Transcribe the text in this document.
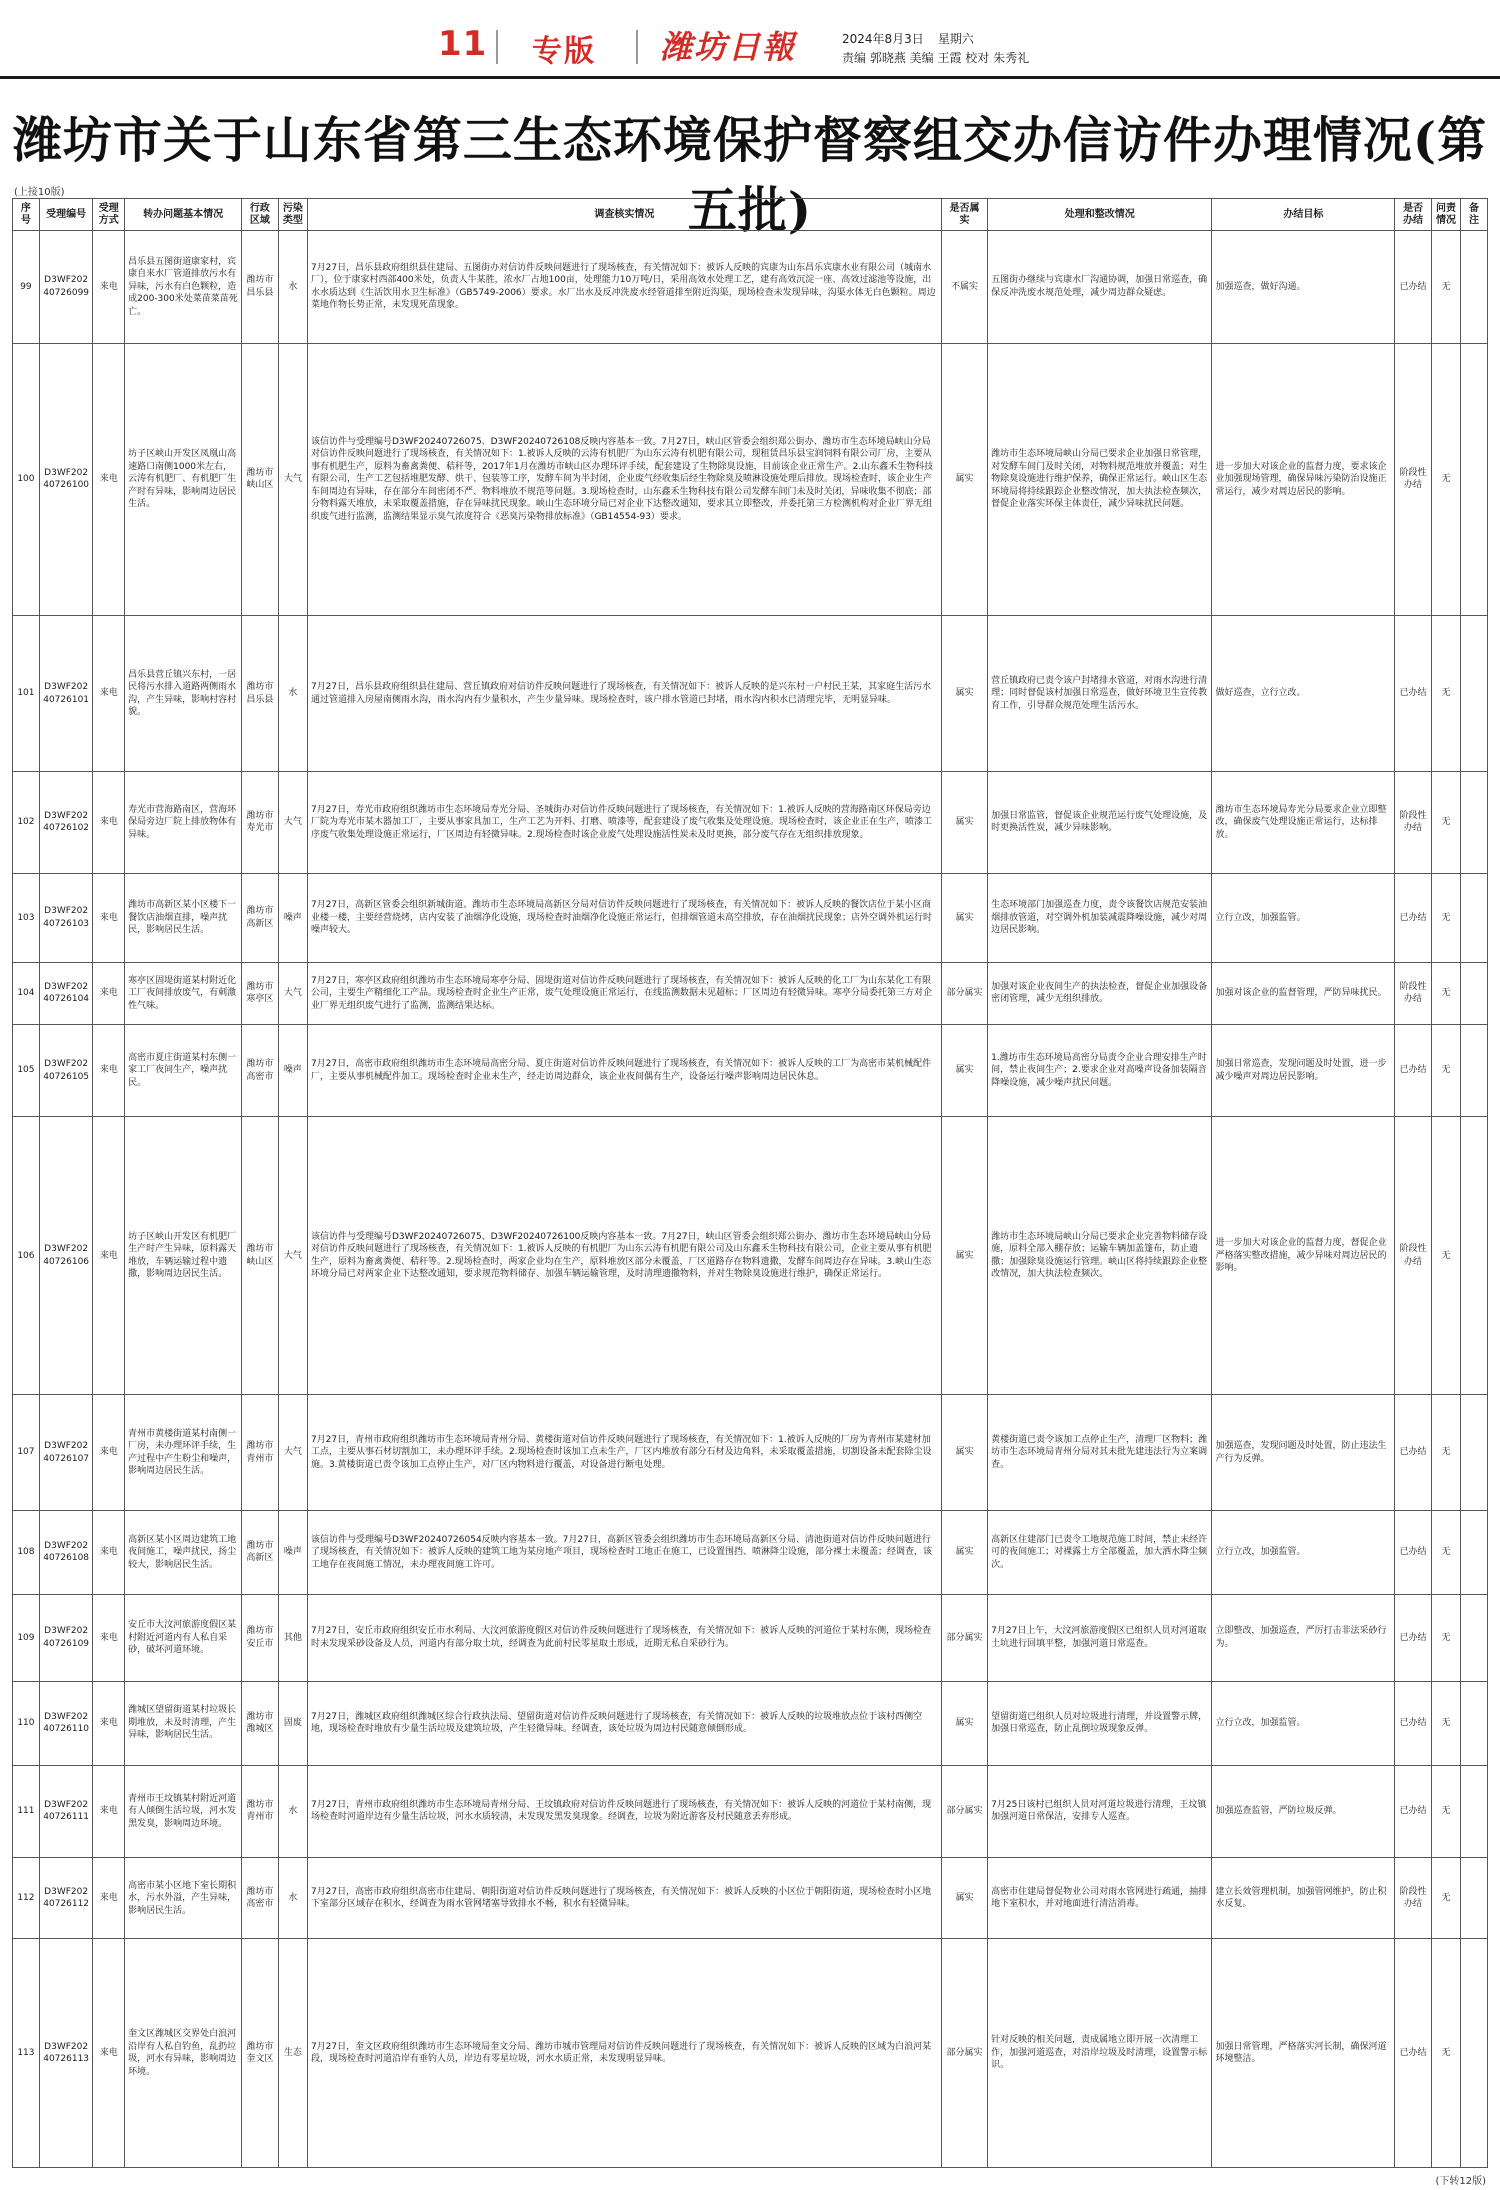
11 专版 潍坊日報	2024年8月3日 星期六
责编 郭晓燕 美编 王霞 校对 朱秀礼
潍坊市关于山东省第三生态环境保护督察组交办信访件办理情况(第五批)
(上接10版)
序号	受理编号	受理方式	转办问题基本情况	行政区域	污染类型	调查核实情况	是否属实	处理和整改情况	办结目标	是否办结	问责情况	备注
99	D3WF20240726099	来电	昌乐县五图街道康家村，宾康自来水厂管道排放污水有异味，污水有白色颗粒，造成200-300米处菜苗菜苗死亡。	潍坊市昌乐县	水	7月27日，昌乐县政府组织县住建局、五图街办对信访件反映问题进行了现场核查，有关情况如下：被诉人反映的宾康为山东昌乐宾康水业有限公司（城南水厂），位于康家村西部400米处，负责人牛某胜，浓水厂占地100亩，处理能力10万吨/日，采用高效水处理工艺，建有高效沉淀一座、高效过滤池等设施，出水水质达到《生活饮用水卫生标准》（GB5749-2006）要求。水厂出水及反冲洗废水经管道排至附近沟渠，现场检查未发现异味，沟渠水体无白色颗粒。周边菜地作物长势正常，未发现死苗现象。	不属实	五图街办继续与宾康水厂沟通协调，加强日常巡查，确保反冲洗废水规范处理，减少周边群众疑虑。	加强巡查，做好沟通。	已办结	无	
100	D3WF20240726100	来电	坊子区峡山开发区凤凰山高速路口南侧1000米左右，云涛有机肥厂、有机肥厂生产时有异味，影响周边居民生活。	潍坊市峡山区	大气	该信访件与受理编号D3WF20240726075、D3WF20240726108反映内容基本一致。7月27日，峡山区管委会组织郑公街办、潍坊市生态环境局峡山分局对信访件反映问题进行了现场核查，有关情况如下：1.被诉人反映的云涛有机肥厂为山东云涛有机肥有限公司，现租赁昌乐县宝润饲料有限公司厂房，主要从事有机肥生产，原料为畜禽粪便、秸秆等，2017年1月在潍坊市峡山区办理环评手续，配套建设了生物除臭设施，目前该企业正常生产。2.山东鑫禾生物科技有限公司，生产工艺包括堆肥发酵、烘干、包装等工序，发酵车间为半封闭，企业废气经收集后经生物除臭及喷淋设施处理后排放。现场检查时，该企业生产车间周边有异味，存在部分车间密闭不严、物料堆放不规范等问题。3.现场检查时，山东鑫禾生物科技有限公司发酵车间门未及时关闭，异味收集不彻底；部分物料露天堆放，未采取覆盖措施，存在异味扰民现象。峡山生态环境分局已对企业下达整改通知，要求其立即整改，并委托第三方检测机构对企业厂界无组织废气进行监测，监测结果显示臭气浓度符合《恶臭污染物排放标准》（GB14554-93）要求。	属实	潍坊市生态环境局峡山分局已要求企业加强日常管理，对发酵车间门及时关闭，对物料规范堆放并覆盖；对生物除臭设施进行维护保养，确保正常运行。峡山区生态环境局将持续跟踪企业整改情况，加大执法检查频次，督促企业落实环保主体责任，减少异味扰民问题。	进一步加大对该企业的监督力度，要求该企业加强现场管理，确保异味污染防治设施正常运行，减少对周边居民的影响。	阶段性办结	无	
101	D3WF20240726101	来电	昌乐县营丘镇兴东村，一居民将污水排入道路两侧雨水沟，产生异味，影响村容村貌。	潍坊市昌乐县	水	7月27日，昌乐县政府组织县住建局、营丘镇政府对信访件反映问题进行了现场核查，有关情况如下：被诉人反映的是兴东村一户村民王某，其家庭生活污水通过管道排入房屋南侧雨水沟，雨水沟内有少量积水，产生少量异味。现场检查时，该户排水管道已封堵，雨水沟内积水已清理完毕，无明显异味。	属实	营丘镇政府已责令该户封堵排水管道，对雨水沟进行清理；同时督促该村加强日常巡查，做好环境卫生宣传教育工作，引导群众规范处理生活污水。	做好巡查，立行立改。	已办结	无	
102	D3WF20240726102	来电	寿光市营海路南区，营海环保局旁边厂院上排放物体有异味。	潍坊市寿光市	大气	7月27日，寿光市政府组织潍坊市生态环境局寿光分局、圣城街办对信访件反映问题进行了现场核查，有关情况如下：1.被诉人反映的营海路南区环保局旁边厂院为寿光市某木器加工厂，主要从事家具加工，生产工艺为开料、打磨、喷漆等，配套建设了废气收集及处理设施。现场检查时，该企业正在生产，喷漆工序废气收集处理设施正常运行，厂区周边有轻微异味。2.现场检查时该企业废气处理设施活性炭未及时更换，部分废气存在无组织排放现象。	属实	加强日常监管，督促该企业规范运行废气处理设施，及时更换活性炭，减少异味影响。	潍坊市生态环境局寿光分局要求企业立即整改，确保废气处理设施正常运行，达标排放。	阶段性办结	无	
103	D3WF20240726103	来电	潍坊市高新区某小区楼下一餐饮店油烟直排，噪声扰民，影响居民生活。	潍坊市高新区	噪声	7月27日，高新区管委会组织新城街道、潍坊市生态环境局高新区分局对信访件反映问题进行了现场核查，有关情况如下：被诉人反映的餐饮店位于某小区商业楼一楼，主要经营烧烤，店内安装了油烟净化设施，现场检查时油烟净化设施正常运行，但排烟管道未高空排放，存在油烟扰民现象；店外空调外机运行时噪声较大。	属实	生态环境部门加强巡查力度，责令该餐饮店规范安装油烟排放管道，对空调外机加装减震降噪设施，减少对周边居民影响。	立行立改，加强监管。	已办结	无	
104	D3WF20240726104	来电	寒亭区固堤街道某村附近化工厂夜间排放废气，有刺激性气味。	潍坊市寒亭区	大气	7月27日，寒亭区政府组织潍坊市生态环境局寒亭分局、固堤街道对信访件反映问题进行了现场核查，有关情况如下：被诉人反映的化工厂为山东某化工有限公司，主要生产精细化工产品。现场检查时企业生产正常，废气处理设施正常运行，在线监测数据未见超标；厂区周边有轻微异味。寒亭分局委托第三方对企业厂界无组织废气进行了监测，监测结果达标。	部分属实	加强对该企业夜间生产的执法检查，督促企业加强设备密闭管理，减少无组织排放。	加强对该企业的监督管理，严防异味扰民。	阶段性办结	无	
105	D3WF20240726105	来电	高密市夏庄街道某村东侧一家工厂夜间生产，噪声扰民。	潍坊市高密市	噪声	7月27日，高密市政府组织潍坊市生态环境局高密分局、夏庄街道对信访件反映问题进行了现场核查，有关情况如下：被诉人反映的工厂为高密市某机械配件厂，主要从事机械配件加工。现场检查时企业未生产，经走访周边群众，该企业夜间偶有生产，设备运行噪声影响周边居民休息。	属实	1.潍坊市生态环境局高密分局责令企业合理安排生产时间，禁止夜间生产；2.要求企业对高噪声设备加装隔音降噪设施，减少噪声扰民问题。	加强日常巡查，发现问题及时处置，进一步减少噪声对周边居民影响。	已办结	无	
106	D3WF20240726106	来电	坊子区峡山开发区有机肥厂生产时产生异味，原料露天堆放，车辆运输过程中遗撒，影响周边居民生活。	潍坊市峡山区	大气	该信访件与受理编号D3WF20240726075、D3WF20240726100反映内容基本一致。7月27日，峡山区管委会组织郑公街办、潍坊市生态环境局峡山分局对信访件反映问题进行了现场核查，有关情况如下：1.被诉人反映的有机肥厂为山东云涛有机肥有限公司及山东鑫禾生物科技有限公司，企业主要从事有机肥生产，原料为畜禽粪便、秸秆等。2.现场检查时，两家企业均在生产，原料堆放区部分未覆盖，厂区道路存在物料遗撒，发酵车间周边存在异味。3.峡山生态环境分局已对两家企业下达整改通知，要求规范物料储存、加强车辆运输管理，及时清理遗撒物料，并对生物除臭设施进行维护，确保正常运行。	属实	潍坊市生态环境局峡山分局已要求企业完善物料储存设施，原料全部入棚存放；运输车辆加盖篷布，防止遗撒；加强除臭设施运行管理。峡山区将持续跟踪企业整改情况，加大执法检查频次。	进一步加大对该企业的监督力度，督促企业严格落实整改措施，减少异味对周边居民的影响。	阶段性办结	无	
107	D3WF20240726107	来电	青州市黄楼街道某村南侧一厂房，未办理环评手续，生产过程中产生粉尘和噪声，影响周边居民生活。	潍坊市青州市	大气	7月27日，青州市政府组织潍坊市生态环境局青州分局、黄楼街道对信访件反映问题进行了现场核查，有关情况如下：1.被诉人反映的厂房为青州市某建材加工点，主要从事石材切割加工，未办理环评手续。2.现场检查时该加工点未生产，厂区内堆放有部分石材及边角料，未采取覆盖措施，切割设备未配套除尘设施。3.黄楼街道已责令该加工点停止生产，对厂区内物料进行覆盖，对设备进行断电处理。	属实	黄楼街道已责令该加工点停止生产，清理厂区物料；潍坊市生态环境局青州分局对其未批先建违法行为立案调查。	加强巡查，发现问题及时处置，防止违法生产行为反弹。	已办结	无	
108	D3WF20240726108	来电	高新区某小区周边建筑工地夜间施工，噪声扰民，扬尘较大，影响居民生活。	潍坊市高新区	噪声	该信访件与受理编号D3WF20240726054反映内容基本一致。7月27日，高新区管委会组织潍坊市生态环境局高新区分局、清池街道对信访件反映问题进行了现场核查，有关情况如下：被诉人反映的建筑工地为某房地产项目，现场检查时工地正在施工，已设置围挡、喷淋降尘设施，部分裸土未覆盖；经调查，该工地存在夜间施工情况，未办理夜间施工许可。	属实	高新区住建部门已责令工地规范施工时间，禁止未经许可的夜间施工；对裸露土方全部覆盖，加大洒水降尘频次。	立行立改，加强监管。	已办结	无	
109	D3WF20240726109	来电	安丘市大汶河旅游度假区某村附近河道内有人私自采砂，破坏河道环境。	潍坊市安丘市	其他	7月27日，安丘市政府组织安丘市水利局、大汶河旅游度假区对信访件反映问题进行了现场核查，有关情况如下：被诉人反映的河道位于某村东侧，现场检查时未发现采砂设备及人员，河道内有部分取土坑，经调查为此前村民零星取土形成，近期无私自采砂行为。	部分属实	7月27日上午，大汶河旅游度假区已组织人员对河道取土坑进行回填平整，加强河道日常巡查。	立即整改，加强巡查，严厉打击非法采砂行为。	已办结	无	
110	D3WF20240726110	来电	潍城区望留街道某村垃圾长期堆放，未及时清理，产生异味，影响居民生活。	潍坊市潍城区	固废	7月27日，潍城区政府组织潍城区综合行政执法局、望留街道对信访件反映问题进行了现场核查，有关情况如下：被诉人反映的垃圾堆放点位于该村西侧空地，现场检查时堆放有少量生活垃圾及建筑垃圾，产生轻微异味。经调查，该处垃圾为周边村民随意倾倒形成。	属实	望留街道已组织人员对垃圾进行清理，并设置警示牌，加强日常巡查，防止乱倒垃圾现象反弹。	立行立改，加强监管。	已办结	无	
111	D3WF20240726111	来电	青州市王坟镇某村附近河道有人倾倒生活垃圾，河水发黑发臭，影响周边环境。	潍坊市青州市	水	7月27日，青州市政府组织潍坊市生态环境局青州分局、王坟镇政府对信访件反映问题进行了现场核查，有关情况如下：被诉人反映的河道位于某村南侧，现场检查时河道岸边有少量生活垃圾，河水水质较清，未发现发黑发臭现象。经调查，垃圾为附近游客及村民随意丢弃形成。	部分属实	7月25日该村已组织人员对河道垃圾进行清理，王坟镇加强河道日常保洁，安排专人巡查。	加强巡查监管，严防垃圾反弹。	已办结	无	
112	D3WF20240726112	来电	高密市某小区地下室长期积水，污水外溢，产生异味，影响居民生活。	潍坊市高密市	水	7月27日，高密市政府组织高密市住建局、朝阳街道对信访件反映问题进行了现场核查，有关情况如下：被诉人反映的小区位于朝阳街道，现场检查时小区地下室部分区域存在积水，经调查为雨水管网堵塞导致排水不畅，积水有轻微异味。	属实	高密市住建局督促物业公司对雨水管网进行疏通，抽排地下室积水，并对地面进行清洁消毒。	建立长效管理机制，加强管网维护，防止积水反复。	阶段性办结	无	
113	D3WF20240726113	来电	奎文区潍城区交界处白浪河沿岸有人私自钓鱼，乱扔垃圾，河水有异味，影响周边环境。	潍坊市奎文区	生态	7月27日，奎文区政府组织潍坊市生态环境局奎文分局、潍坊市城市管理局对信访件反映问题进行了现场核查，有关情况如下：被诉人反映的区域为白浪河某段，现场检查时河道沿岸有垂钓人员，岸边有零星垃圾，河水水质正常，未发现明显异味。	部分属实	针对反映的相关问题，责成属地立即开展一次清理工作，加强河道巡查，对沿岸垃圾及时清理，设置警示标识。	加强日常管理，严格落实河长制，确保河道环境整洁。	已办结	无	
(下转12版)
